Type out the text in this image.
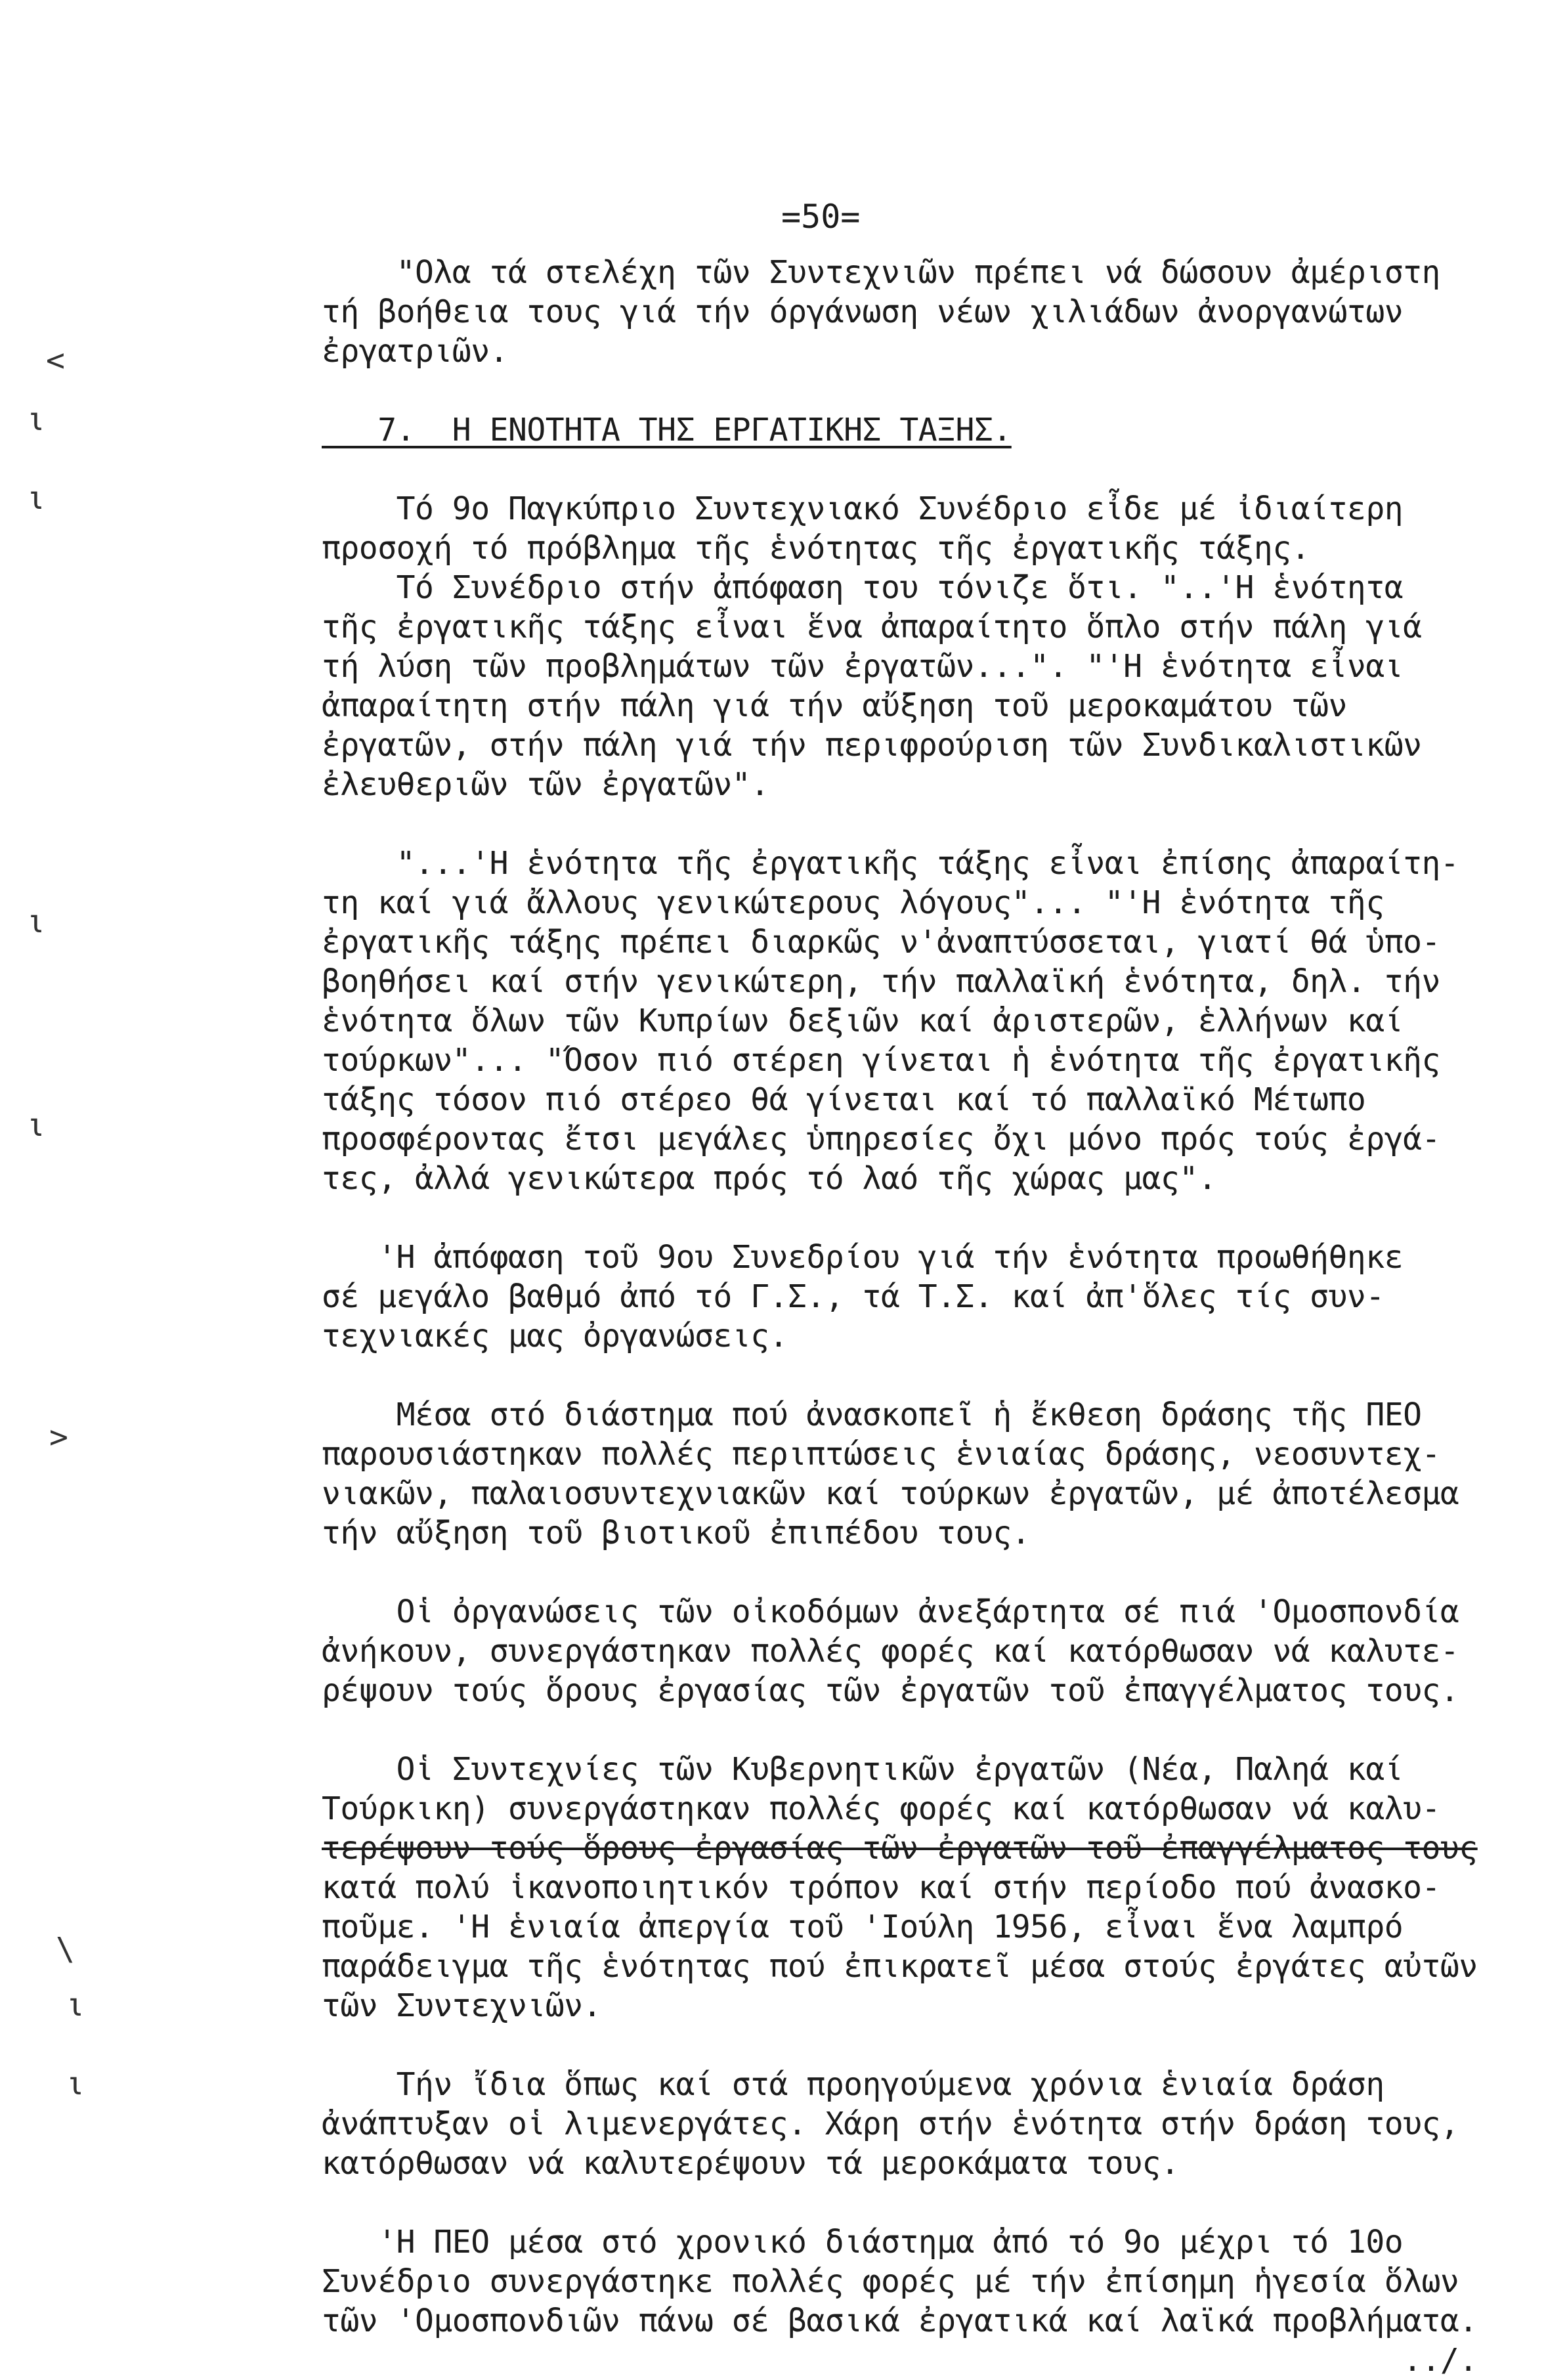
=50=
<
ι
ι
ι
ι
>
\
ι
ι
"Ολα τά στελέχη τῶν Συντεχνιῶν πρέπει νά δώσουν ἀμέριστη
τή βοήθεια τους γιά τήν όργάνωση νέων χιλιάδων ἀνοργανώτων
ἐργατριῶν.
7.  Η ΕΝΟΤΗΤΑ ΤΗΣ ΕΡΓΑΤΙΚΗΣ ΤΑΞΗΣ.
Τό 9ο Παγκύπριο Συντεχνιακό Συνέδριο εἶδε μέ ἰδιαίτερη
προσοχή τό πρόβλημα τῆς ἑνότητας τῆς ἐργατικῆς τάξης.
Τό Συνέδριο στήν ἀπόφαση του τόνιζε ὅτι. "..'Η ἑνότητα
τῆς ἐργατικῆς τάξης εἶναι ἕνα ἀπαραίτητο ὅπλο στήν πάλη γιά
τή λύση τῶν προβλημάτων τῶν ἐργατῶν...". "'Η ἑνότητα εἶναι
ἀπαραίτητη στήν πάλη γιά τήν αὔξηση τοῦ μεροκαμάτου τῶν
ἐργατῶν, στήν πάλη γιά τήν περιφρούριση τῶν Συνδικαλιστικῶν
ἐλευθεριῶν τῶν ἐργατῶν".
"...'Η ἑνότητα τῆς ἐργατικῆς τάξης εἶναι ἐπίσης ἀπαραίτη-
τη καί γιά ἄλλους γενικώτερους λόγους"... "'Η ἑνότητα τῆς
ἐργατικῆς τάξης πρέπει διαρκῶς ν'ἀναπτύσσεται, γιατί θά ὑπο-
βοηθήσει καί στήν γενικώτερη, τήν παλλαϊκή ἑνότητα, δηλ. τήν
ἑνότητα ὅλων τῶν Κυπρίων δεξιῶν καί ἀριστερῶν, ἑλλήνων καί
τούρκων"... "Όσον πιό στέρεη γίνεται ἡ ἑνότητα τῆς ἐργατικῆς
τάξης τόσον πιό στέρεο θά γίνεται καί τό παλλαϊκό Μέτωπο
προσφέροντας ἔτσι μεγάλες ὑπηρεσίες ὄχι μόνο πρός τούς ἐργά-
τες, ἀλλά γενικώτερα πρός τό λαό τῆς χώρας μας".
'Η ἀπόφαση τοῦ 9ου Συνεδρίου γιά τήν ἑνότητα προωθήθηκε
σέ μεγάλο βαθμό ἀπό τό Γ.Σ., τά Τ.Σ. καί ἀπ'ὅλες τίς συν-
τεχνιακές μας ὀργανώσεις.
Μέσα στό διάστημα πού ἀνασκοπεῖ ἡ ἔκθεση δράσης τῆς ΠΕΟ
παρουσιάστηκαν πολλές περιπτώσεις ἑνιαίας δράσης, νεοσυντεχ-
νιακῶν, παλαιοσυντεχνιακῶν καί τούρκων ἐργατῶν, μέ ἀποτέλεσμα
τήν αὔξηση τοῦ βιοτικοῦ ἐπιπέδου τους.
Οἱ ὀργανώσεις τῶν οἰκοδόμων ἀνεξάρτητα σέ πιά 'Ομοσπονδία
ἀνήκουν, συνεργάστηκαν πολλές φορές καί κατόρθωσαν νά καλυτε-
ρέψουν τούς ὅρους ἐργασίας τῶν ἐργατῶν τοῦ ἐπαγγέλματος τους.
Οἱ Συντεχνίες τῶν Κυβερνητικῶν ἐργατῶν (Νέα, Παληά καί
Τούρκικη) συνεργάστηκαν πολλές φορές καί κατόρθωσαν νά καλυ-
τερέψουν τούς ὅρους ἐργασίας τῶν ἐργατῶν τοῦ ἐπαγγέλματος τους
κατά πολύ ἱκανοποιητικόν τρόπον καί στήν περίοδο πού ἀνασκο-
ποῦμε. 'Η ἑνιαία ἀπεργία τοῦ 'Ιούλη 1956, εἶναι ἕνα λαμπρό
παράδειγμα τῆς ἑνότητας πού ἐπικρατεῖ μέσα στούς ἐργάτες αὐτῶν
τῶν Συντεχνιῶν.
Τήν ἴδια ὅπως καί στά προηγούμενα χρόνια ἑνιαία δράση
ἀνάπτυξαν οἱ λιμενεργάτες. Χάρη στήν ἑνότητα στήν δράση τους,
κατόρθωσαν νά καλυτερέψουν τά μεροκάματα τους.
'Η ΠΕΟ μέσα στό χρονικό διάστημα ἀπό τό 9ο μέχρι τό 10ο
Συνέδριο συνεργάστηκε πολλές φορές μέ τήν ἐπίσημη ἡγεσία ὅλων
τῶν 'Ομοσπονδιῶν πάνω σέ βασικά ἐργατικά καί λαϊκά προβλήματα.
../.
